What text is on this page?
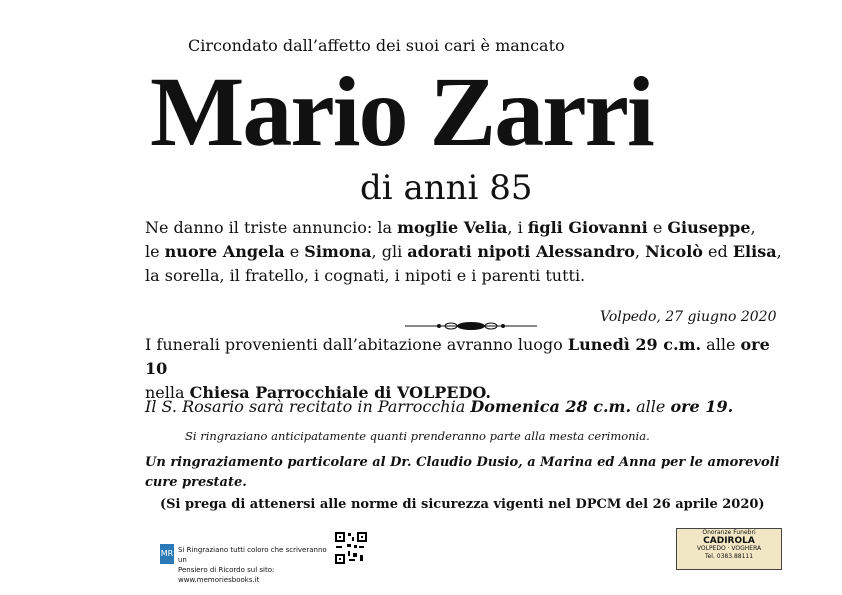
Circondato dall’affetto dei suoi cari è mancato
Mario Zarri
di anni 85
Ne danno il triste annuncio: la moglie Velia, i figli Giovanni e Giuseppe,
le nuore Angela e Simona, gli adorati nipoti Alessandro, Nicolò ed Elisa,
la sorella, il fratello, i cognati, i nipoti e i parenti tutti.
Volpedo, 27 giugno 2020
I funerali provenienti dall’abitazione avranno luogo Lunedì 29 c.m. alle ore 10
nella Chiesa Parrocchiale di VOLPEDO.
Il S. Rosario sarà recitato in Parrocchia Domenica 28 c.m. alle ore 19.
Si ringraziano anticipatamente quanti prenderanno parte alla mesta cerimonia.
Un ringraziamento particolare al Dr. Claudio Dusio, a Marina ed Anna per le amorevoli cure prestate.
(Si prega di attenersi alle norme di sicurezza vigenti nel DPCM del 26 aprile 2020)
MR Si Ringraziano tutti coloro che scriveranno un
Pensiero di Ricordo sul sito: www.memoriesbooks.it
Onoranze Funebri
CADIROLA
VOLPEDO · VOGHERA
Tel. 0383.88111
